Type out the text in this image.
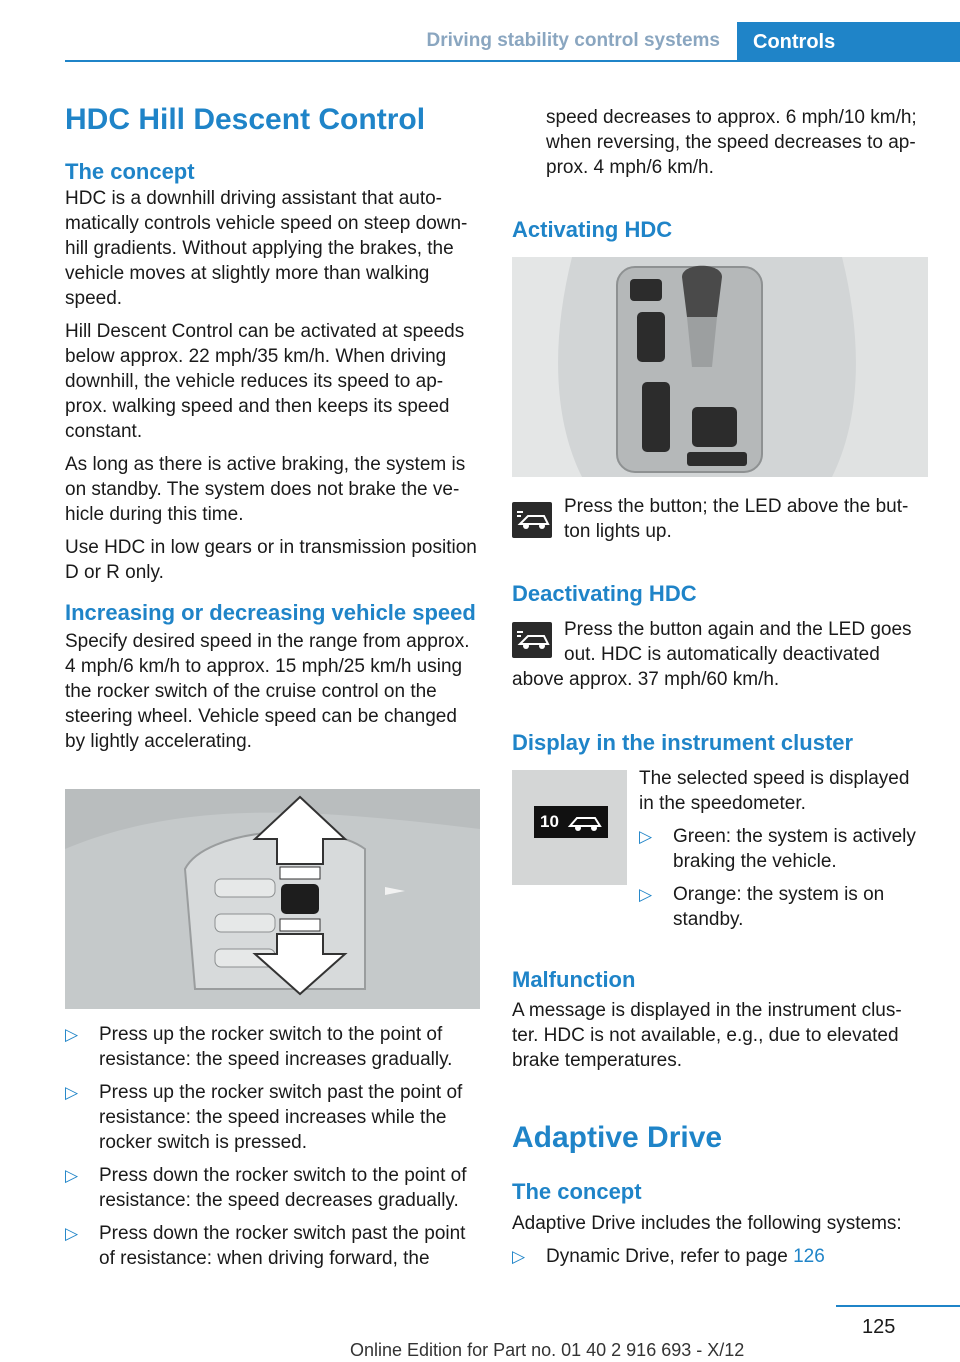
Driving stability control systems Controls
HDC Hill Descent Control
The concept
HDC is a downhill driving assistant that auto-
matically controls vehicle speed on steep down-
hill gradients. Without applying the brakes, the
vehicle moves at slightly more than walking
speed.
Hill Descent Control can be activated at speeds
below approx. 22 mph/35 km/h. When driving
downhill, the vehicle reduces its speed to ap-
prox. walking speed and then keeps its speed
constant.
As long as there is active braking, the system is
on standby. The system does not brake the ve-
hicle during this time.
Use HDC in low gears or in transmission position
D or R only.
Increasing or decreasing vehicle speed
Specify desired speed in the range from approx.
4 mph/6 km/h to approx. 15 mph/25 km/h using
the rocker switch of the cruise control on the
steering wheel. Vehicle speed can be changed
by lightly accelerating.
▷ Press up the rocker switch to the point of
resistance: the speed increases gradually.
▷ Press up the rocker switch past the point of
resistance: the speed increases while the
rocker switch is pressed.
▷ Press down the rocker switch to the point of
resistance: the speed decreases gradually.
▷ Press down the rocker switch past the point
of resistance: when driving forward, the
speed decreases to approx. 6 mph/10 km/h;
when reversing, the speed decreases to ap-
prox. 4 mph/6 km/h.
Activating HDC
Press the button; the LED above the but-
ton lights up.
Deactivating HDC
Press the button again and the LED goes
out. HDC is automatically deactivated
above approx. 37 mph/60 km/h.
Display in the instrument cluster
10
The selected speed is displayed
in the speedometer.
▷ Green: the system is actively
braking the vehicle.
▷ Orange: the system is on
standby.
Malfunction
A message is displayed in the instrument clus-
ter. HDC is not available, e.g., due to elevated
brake temperatures.
Adaptive Drive
The concept
Adaptive Drive includes the following systems:
▷ Dynamic Drive, refer to page 126
125
Online Edition for Part no. 01 40 2 916 693 - X/12
